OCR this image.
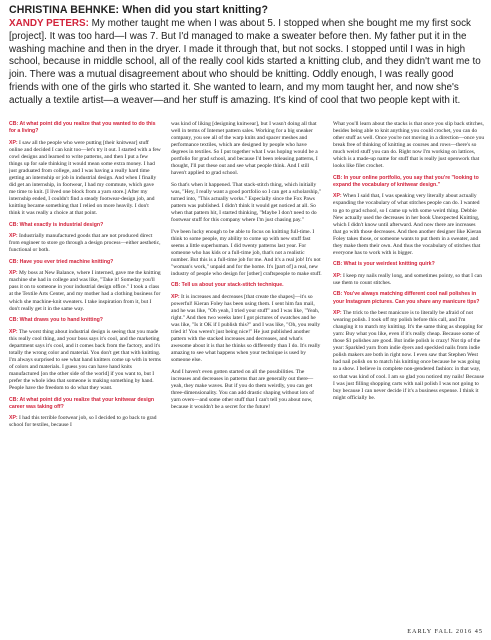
CHRISTINA BEHNKE: When did you start knitting?

XANDY PETERS: My mother taught me when I was about 5. I stopped when she bought me my first sock [project]. It was too hard—I was 7. But I'd managed to make a sweater before then. My father put it in the washing machine and then in the dryer. I made it through that, but not socks. I stopped until I was in high school, because in middle school, all of the really cool kids started a knitting club, and they didn't want me to join. There was a mutual disagreement about who should be knitting. Oddly enough, I was really good friends with one of the girls who started it. She wanted to learn, and my mom taught her, and now she's actually a textile artist—a weaver—and her stuff is amazing. It's kind of cool that two people kept with it.

CB: At what point did you realize that you wanted to do this for a living?

XP: I saw all the people who were putting [their knitwear] stuff online and decided I can knit too—let's try it out. I started with a few cowl designs and learned to write patterns, and then I put a few things up for sale thinking it would mean some extra money. I had just graduated from college, and I was having a really hard time getting an internship or job in industrial design. And when I finally did get an internship, in footwear, I had my commute, which gave me time to knit. [I lived one block from a yarn store.] After my internship ended, I couldn't find a steady footwear-design job, and knitting became something that I relied on more heavily. I don't think it was really a choice at that point.

CB: What exactly is industrial design?

XP: Industrially manufactured goods that are not produced direct from engineer to store go through a design process—either aesthetic, functional or both.

CB: Have you ever tried machine knitting?

XP: My boss at New Balance, where I interned, gave me the knitting machine she had in college and was like, "Take it! Someday you'll pass it on to someone in your industrial design office." I took a class at the Textile Arts Center, and my mother had a clothing business for which she machine-knit sweaters. I take inspiration from it, but I don't really get it in the same way.

CB: What draws you to hand knitting?

XP: The worst thing about industrial design is seeing that you made this really cool thing, and your boss says it's cool, and the marketing department says it's cool, and it comes back from the factory, and it's totally the wrong color and material. You don't get that with knitting. I'm always surprised to see what hand knitters come up with in terms of colors and materials. I guess you can have hand knits manufactured [on the other side of the world] if you want to, but I prefer the whole idea that someone is making something by hand. People have the freedom to do what they want.

CB: At what point did you realize that your knitwear design career was taking off?

XP: I had this terrible footwear job, so I decided to go back to grad school for textiles, because I

was kind of liking [designing knitwear], but I wasn't doing all that well in terms of Internet pattern sales. Working for a big sneaker company, you see all of the warp knits and spacer meshes and performance textiles, which are designed by people who have degrees in textiles. So I put together what I was hoping would be a portfolio for grad school, and because I'd been releasing patterns, I thought, I'll put these out and see what people think. And I still haven't applied to grad school.

So that's when it happened. That stack-stitch thing, which initially was, "Hey, I really want a good portfolio so I can get a scholarship," turned into, "This actually works." Especially since the Fox Paws pattern was published. I didn't think it would get noticed at all. So when that pattern hit, I started thinking, "Maybe I don't need to do footwear stuff for this company where I'm just chasing pay."

I've been lucky enough to be able to focus on knitting full-time. I think to some people, my ability to come up with new stuff fast seems a little superhuman. I did twenty patterns last year. For someone who has kids or a full-time job, that's not a realistic number. But this is a full-time job for me. And it's a real job! It's not "woman's work," unpaid and for the home. It's [part of] a real, new industry of people who design for [other] craftspeople to make stuff.

CB: Tell us about your stack-stitch technique.

XP: It is increases and decreases [that create the shapes]—it's so powerful! Kieran Foley has been using them. I sent him fan mail, and he was like, "Oh yeah, I tried your stuff" and I was like, "Yeah, right." And then two weeks later I got pictures of swatches and he was like, "Is it OK if I publish this?" and I was like, "Oh, you really tried it! You weren't just being nice!" He just published another pattern with the stacked increases and decreases, and what's awesome about it is that he thinks so differently than I do. It's really amazing to see what happens when your technique is used by someone else.

And I haven't even gotten started on all the possibilities. The increases and decreases in patterns that are generally out there—yeah, they make waves. But if you do them weirdly, you can get three-dimensionality. You can add drastic shaping without lots of yarn overs—and some other stuff that I can't tell you about now, because it wouldn't be a secret for the future!

What you'll learn about the stacks is that once you slip back stitches, besides being able to knit anything you could crochet, you can do other stuff as well. Once you're not moving in a direction—once you break free of thinking of knitting as courses and rows—there's so much weird stuff you can do. Right now I'm working on lattices, which is a made-up name for stuff that is really just openwork that looks like filet crochet.

CB: In your online portfolio, you say that you're "looking to expand the vocabulary of knitwear design."

XP: When I said that, I was speaking very literally about actually expanding the vocabulary of what stitches people can do. I wanted to go to grad school, so I came up with some weird thing. Debbie New actually used the decreases in her book Unexpected Knitting, which I didn't know until afterward. And now there are increases that go with those decreases. And then another designer like Kieran Foley takes those, or someone wants to put them in a sweater, and they make them their own. And thus the vocabulary of stitches that everyone has to work with is bigger.

CB: What is your weirdest knitting quirk?

XP: I keep my nails really long, and sometimes pointy, so that I can use them to count stitches.

CB: You've always matching different cool nail polishes in your Instagram pictures. Can you share any manicure tips?

XP: The trick to the best manicure is to literally be afraid of not wearing polish. I took off my polish before this call, and I'm changing it to match my knitting. It's the same thing as shopping for yarn: Buy what you like, even if it's really cheap. Because some of those $1 polishes are good. But indie polish is crazy! Not tip of the year: Sparkled yarn from indie dyers and speckled nails from indie polish makers are both in right now. I even saw that Stephen West had nail polish on to match his knitting once because he was going to a show. I believe in complete non-gendered fashion: in that way, so that was kind of cool. I am so glad you noticed my nails! Because I was just filling shopping carts with nail polish I was not going to buy because I can never decide if it's a business expense. I think it might officially be.

EARLY FALL 2016 45
